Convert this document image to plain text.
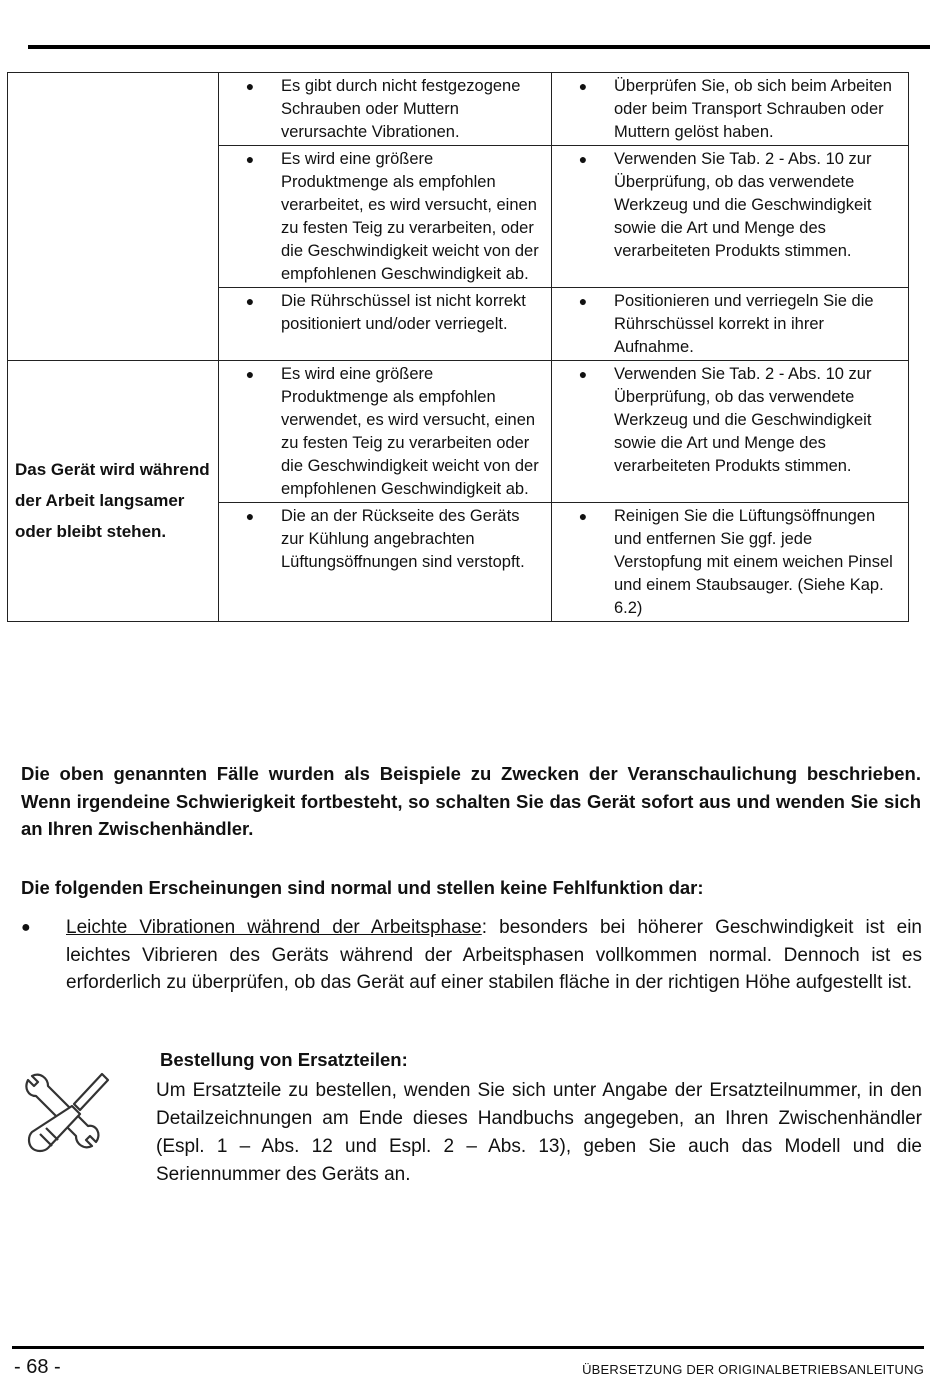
	● Es gibt durch nicht festgezogene Schrauben oder Muttern verursachte Vibrationen.	● Überprüfen Sie, ob sich beim Arbeiten oder beim Transport Schrauben oder Muttern gelöst haben.

	● Es wird eine größere Produktmenge als empfohlen verarbeitet, es wird versucht, einen zu festen Teig zu verarbeiten, oder die Geschwindigkeit weicht von der empfohlenen Geschwindigkeit ab.	● Verwenden Sie Tab. 2 - Abs. 10 zur Überprüfung, ob das verwendete Werkzeug und die Geschwindigkeit sowie die Art und Menge des verarbeiteten Produkts stimmen.

	● Die Rührschüssel ist nicht korrekt positioniert und/oder verriegelt.	● Positionieren und verriegeln Sie die Rührschüssel korrekt in ihrer Aufnahme.

Das Gerät wird während der Arbeit langsamer oder bleibt stehen.	● Es wird eine größere Produktmenge als empfohlen verwendet, es wird versucht, einen zu festen Teig zu verarbeiten oder die Geschwindigkeit weicht von der empfohlenen Geschwindigkeit ab.	● Verwenden Sie Tab. 2 - Abs. 10 zur Überprüfung, ob das verwendete Werkzeug und die Geschwindigkeit sowie die Art und Menge des verarbeiteten Produkts stimmen.

	● Die an der Rückseite des Geräts zur Kühlung angebrachten Lüftungsöffnungen sind verstopft.	● Reinigen Sie die Lüftungsöffnungen und entfernen Sie ggf. jede Verstopfung mit einem weichen Pinsel und einem Staubsauger. (Siehe Kap. 6.2)
Die oben genannten Fälle wurden als Beispiele zu Zwecken der Veranschaulichung beschrieben. Wenn irgendeine Schwierigkeit fortbesteht, so schalten Sie das Gerät sofort aus und wenden Sie sich an Ihren Zwischenhändler.
Die folgenden Erscheinungen sind normal und stellen keine Fehlfunktion dar:
●	Leichte Vibrationen während der Arbeitsphase: besonders bei höherer Geschwindigkeit ist ein leichtes Vibrieren des Geräts während der Arbeitsphasen vollkommen normal. Dennoch ist es erforderlich zu überprüfen, ob das Gerät auf einer stabilen fläche in der richtigen Höhe aufgestellt ist.
Bestellung von Ersatzteilen:
Um Ersatzteile zu bestellen, wenden Sie sich unter Angabe der Ersatzteilnummer, in den Detailzeichnungen am Ende dieses Handbuchs angegeben, an Ihren Zwischenhändler (Espl. 1 – Abs. 12 und Espl. 2 – Abs. 13), geben Sie auch das Modell und die Seriennummer des Geräts an.
- 68 -	ÜBERSETZUNG DER ORIGINALBETRIEBSANLEITUNG
